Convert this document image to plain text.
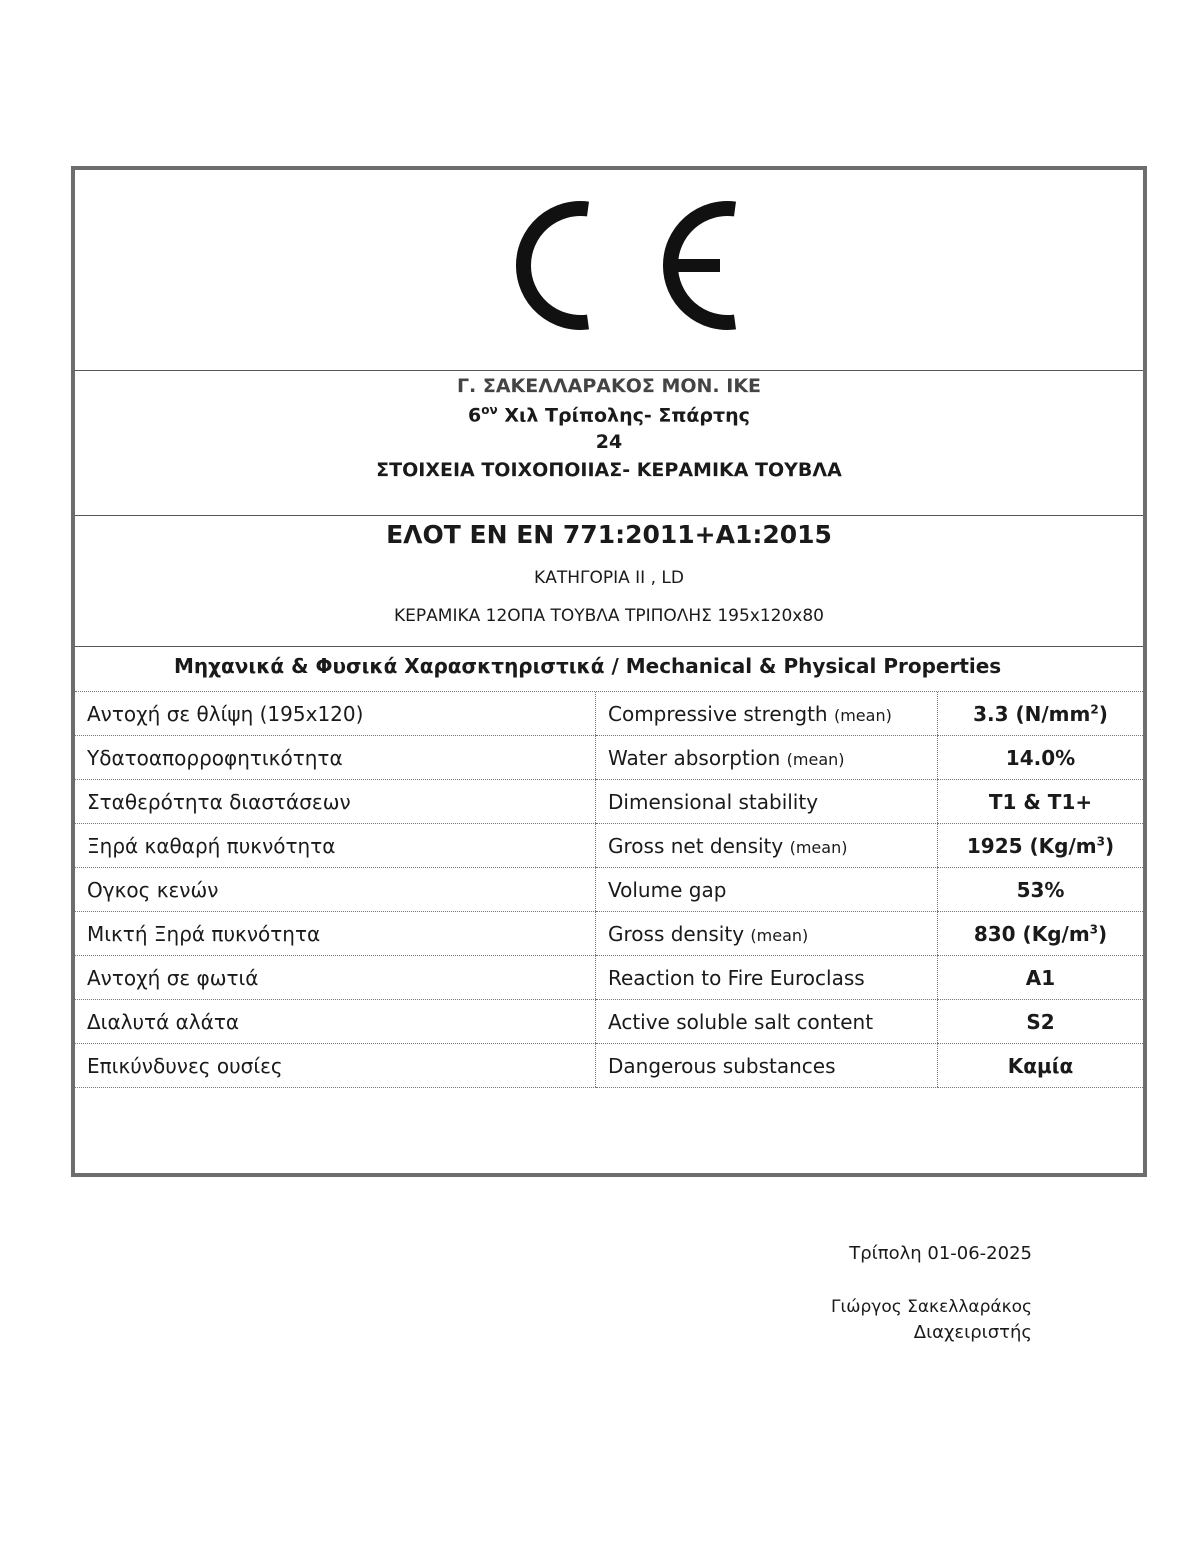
Γ. ΣΑΚΕΛΛΑΡΑΚΟΣ ΜΟΝ. ΙΚΕ
$6^{o\nu}$ Χιλ Τρίπολης- Σπάρτης
24
ΣΤΟΙΧΕΙΑ ΤΟΙΧΟΠΟΙΙΑΣ- ΚΕΡΑΜΙΚΑ ΤΟΥΒΛΑ
ΕΛΟΤ ΕΝ ΕΝ 771:2011+Α1:2015
ΚΑΤΗΓΟΡΙΑ ΙΙ , LD
ΚΕΡΑΜΙΚΑ 12ΟΠΑ ΤΟΥΒΛΑ ΤΡΙΠΟΛΗΣ 195x120x80
Μηχανικά & Φυσικά Χαρασκτηριστικά / Mechanical & Physical Properties
Αντοχή σε θλίψη (195x120)	Compressive strength (mean)	3.3 $(N/mm^2)$
Υδατοαπορροφητικότητα	Water absorption (mean)	14.0%
Σταθερότητα διαστάσεων	Dimensional stability	T1 & T1+
Ξηρά καθαρή πυκνότητα	Gross net density (mean)	1925 $(Kg/m^3)$
Ογκος κενών	Volume gap	53%
Μικτή Ξηρά πυκνότητα	Gross density (mean)	830 $(Kg/m^3)$
Αντοχή σε φωτιά	Reaction to Fire Euroclass	A1
Διαλυτά αλάτα	Active soluble salt content	S2
Επικύνδυνες ουσίες	Dangerous substances	Καμία

Τρίπολη 01-06-2025
Γιώργος Σακελλαράκος
Διαχειριστής
